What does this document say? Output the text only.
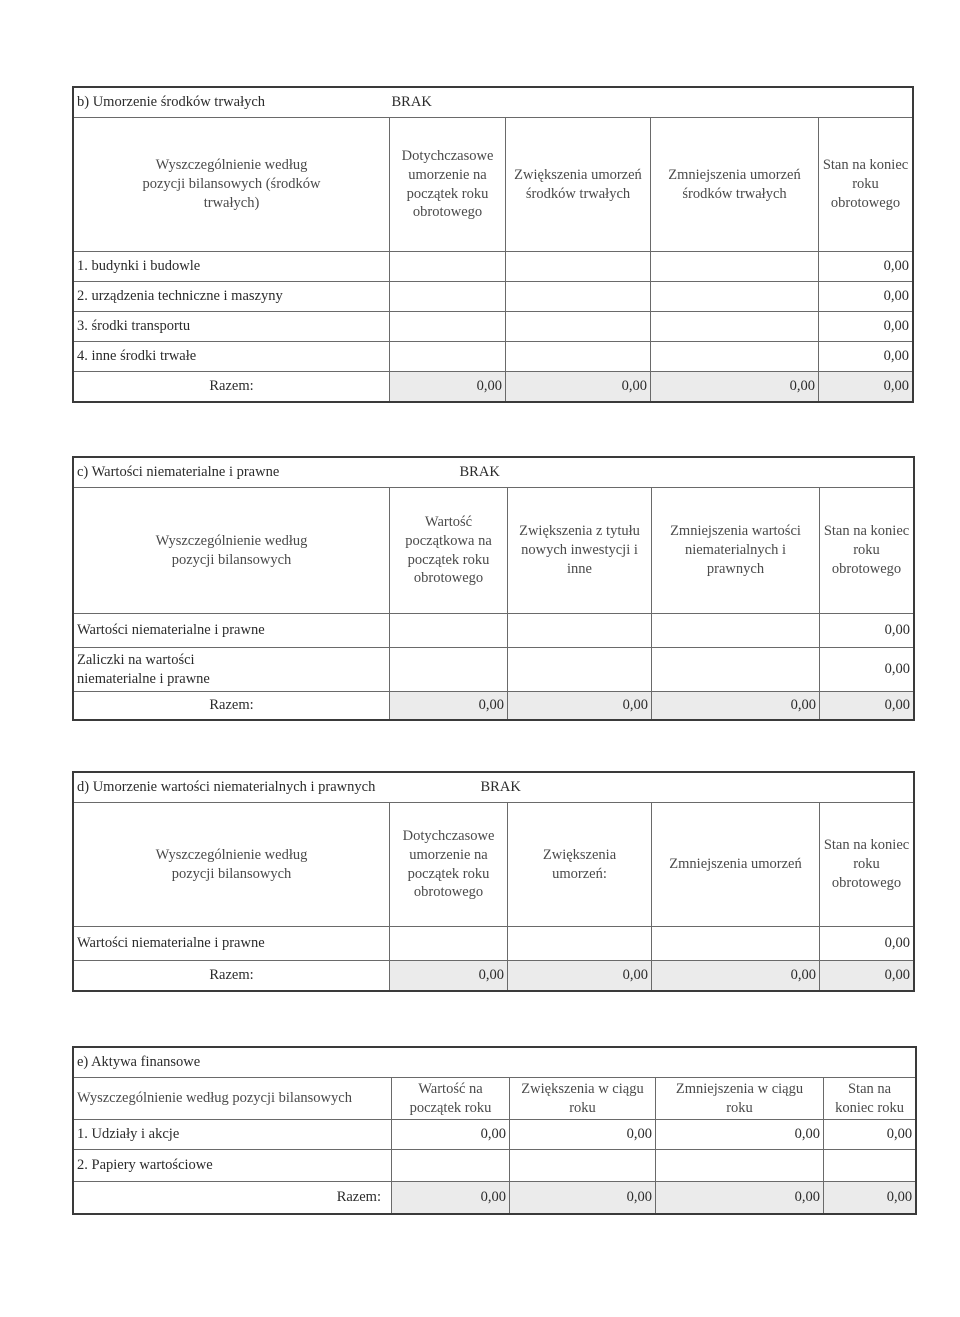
b) Umorzenie środków trwałych	BRAK			
Wyszczególnienie według pozycji bilansowych (środków trwałych)	Dotychczasowe umorzenie na początek roku obrotowego	Zwiększenia umorzeń środków trwałych	Zmniejszenia umorzeń środków trwałych	Stan na koniec roku obrotowego
1. budynki i budowle				0,00
2. urządzenia techniczne i maszyny				0,00
3. środki transportu				0,00
4. inne środki trwałe				0,00
Razem:	0,00	0,00	0,00	0,00
c) Wartości niematerialne i prawne	BRAK			
Wyszczególnienie według pozycji bilansowych	Wartość początkowa na początek roku obrotowego	Zwiększenia z tytułu nowych inwestycji i inne	Zmniejszenia wartości niematerialnych i prawnych	Stan na koniec roku obrotowego
Wartości niematerialne i prawne				0,00
Zaliczki na wartości niematerialne i prawne				0,00
Razem:	0,00	0,00	0,00	0,00
d) Umorzenie wartości niematerialnych i prawnych			BRAK	
Wyszczególnienie według pozycji bilansowych	Dotychczasowe umorzenie na początek roku obrotowego	Zwiększenia umorzeń:	Zmniejszenia umorzeń	Stan na koniec roku obrotowego
Wartości niematerialne i prawne				0,00
Razem:	0,00	0,00	0,00	0,00
e) Aktywa finansowe				
Wyszczególnienie według pozycji bilansowych	Wartość na początek roku	Zwiększenia w ciągu roku	Zmniejszenia w ciągu roku	Stan na koniec roku
1. Udziały i akcje	0,00	0,00	0,00	0,00
2. Papiery wartościowe				
Razem:	0,00	0,00	0,00	0,00
